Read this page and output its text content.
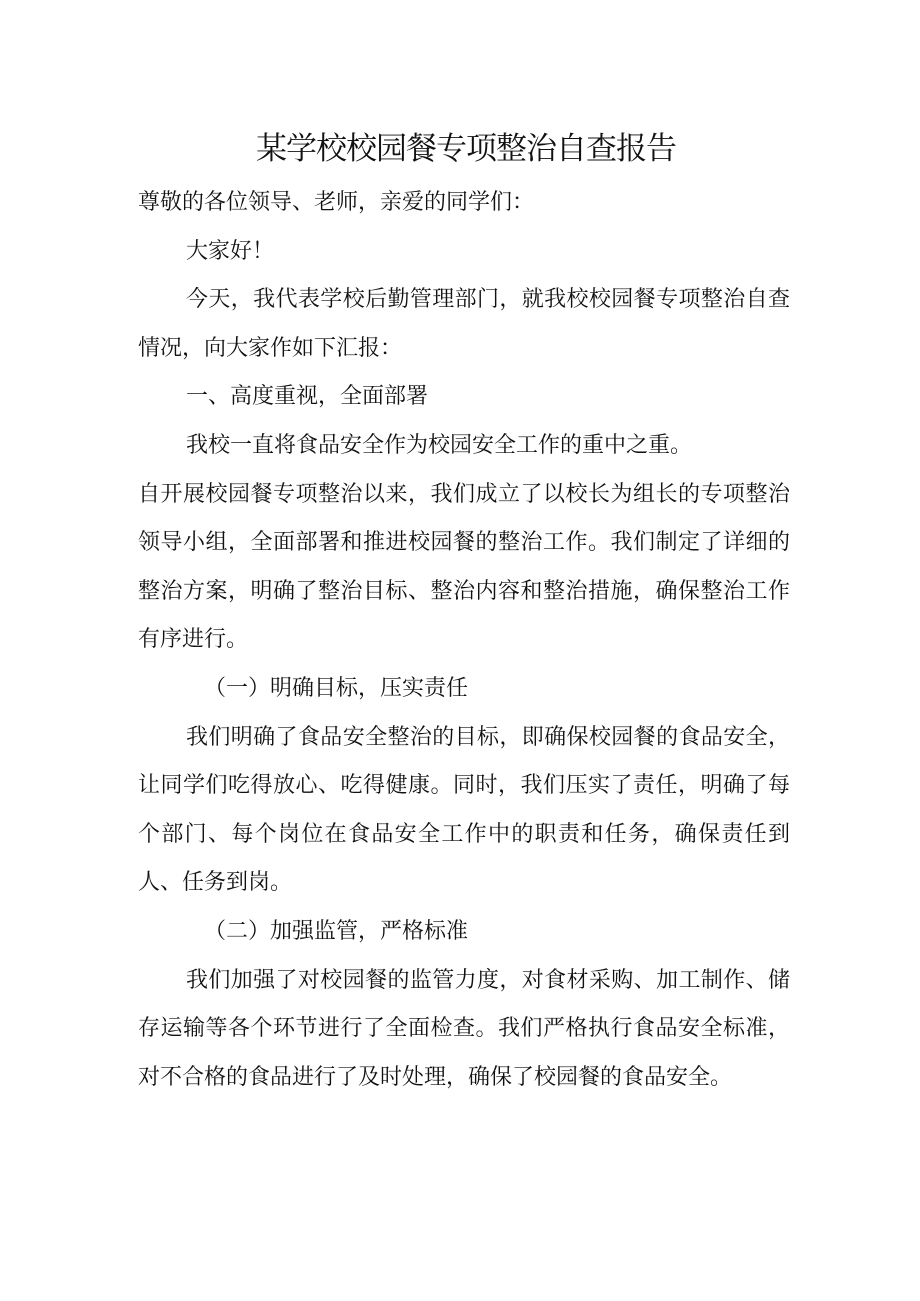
某学校校园餐专项整治自查报告

尊敬的各位领导、老师，亲爱的同学们：

大家好！

今天，我代表学校后勤管理部门，就我校校园餐专项整治自查情况，向大家作如下汇报：

一、高度重视，全面部署

我校一直将食品安全作为校园安全工作的重中之重。

自开展校园餐专项整治以来，我们成立了以校长为组长的专项整治领导小组，全面部署和推进校园餐的整治工作。我们制定了详细的整治方案，明确了整治目标、整治内容和整治措施，确保整治工作有序进行。

（一）明确目标，压实责任

我们明确了食品安全整治的目标，即确保校园餐的食品安全，让同学们吃得放心、吃得健康。同时，我们压实了责任，明确了每个部门、每个岗位在食品安全工作中的职责和任务，确保责任到人、任务到岗。

（二）加强监管，严格标准

我们加强了对校园餐的监管力度，对食材采购、加工制作、储存运输等各个环节进行了全面检查。我们严格执行食品安全标准，对不合格的食品进行了及时处理，确保了校园餐的食品安全。
